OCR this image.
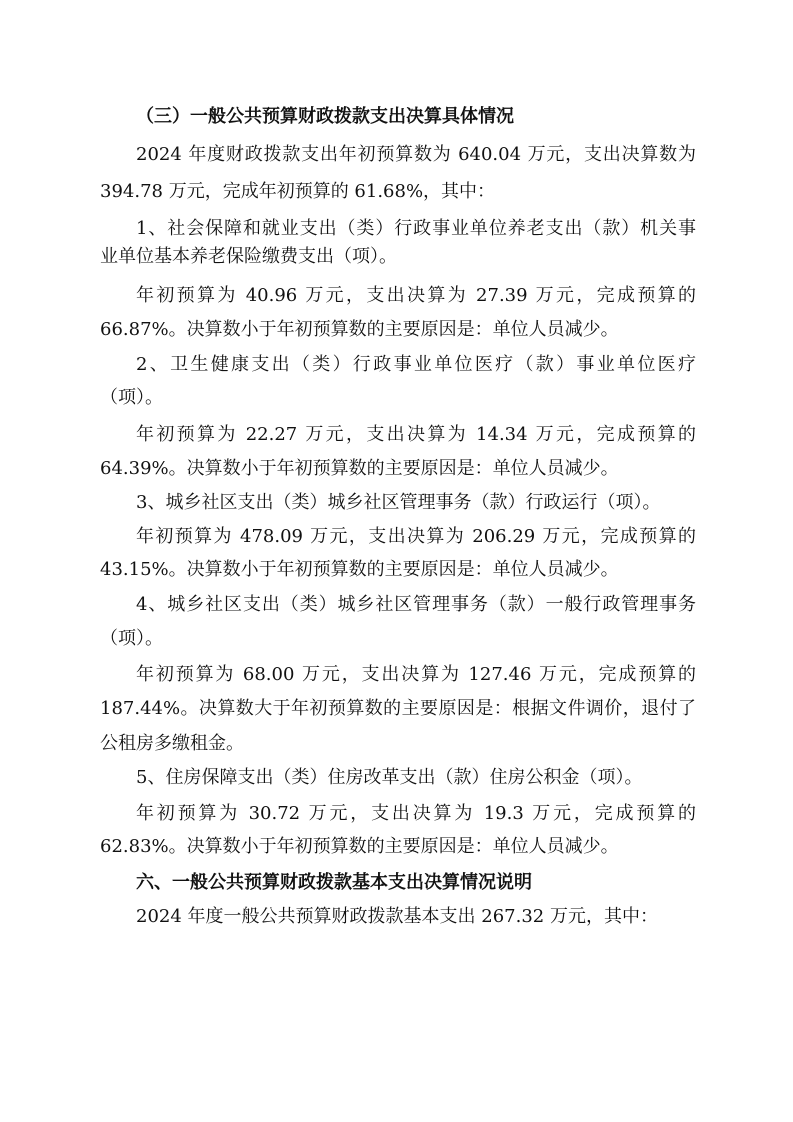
（三）一般公共预算财政拨款支出决算具体情况
2024 年度财政拨款支出年初预算数为 640.04 万元，支出决算数为
394.78 万元，完成年初预算的 61.68%，其中：
1、社会保障和就业支出（类）行政事业单位养老支出（款）机关事
业单位基本养老保险缴费支出（项）。
年初预算为 40.96 万元，支出决算为 27.39 万元，完成预算的
66.87%。决算数小于年初预算数的主要原因是：单位人员减少。
2、卫生健康支出（类）行政事业单位医疗（款）事业单位医疗
（项）。
年初预算为 22.27 万元，支出决算为 14.34 万元，完成预算的
64.39%。决算数小于年初预算数的主要原因是：单位人员减少。
3、城乡社区支出（类）城乡社区管理事务（款）行政运行（项）。
年初预算为 478.09 万元，支出决算为 206.29 万元，完成预算的
43.15%。决算数小于年初预算数的主要原因是：单位人员减少。
4、城乡社区支出（类）城乡社区管理事务（款）一般行政管理事务
（项）。
年初预算为 68.00 万元，支出决算为 127.46 万元，完成预算的
187.44%。决算数大于年初预算数的主要原因是：根据文件调价，退付了
公租房多缴租金。
5、住房保障支出（类）住房改革支出（款）住房公积金（项）。
年初预算为 30.72 万元，支出决算为 19.3 万元，完成预算的
62.83%。决算数小于年初预算数的主要原因是：单位人员减少。
六、一般公共预算财政拨款基本支出决算情况说明
2024 年度一般公共预算财政拨款基本支出 267.32 万元，其中：
